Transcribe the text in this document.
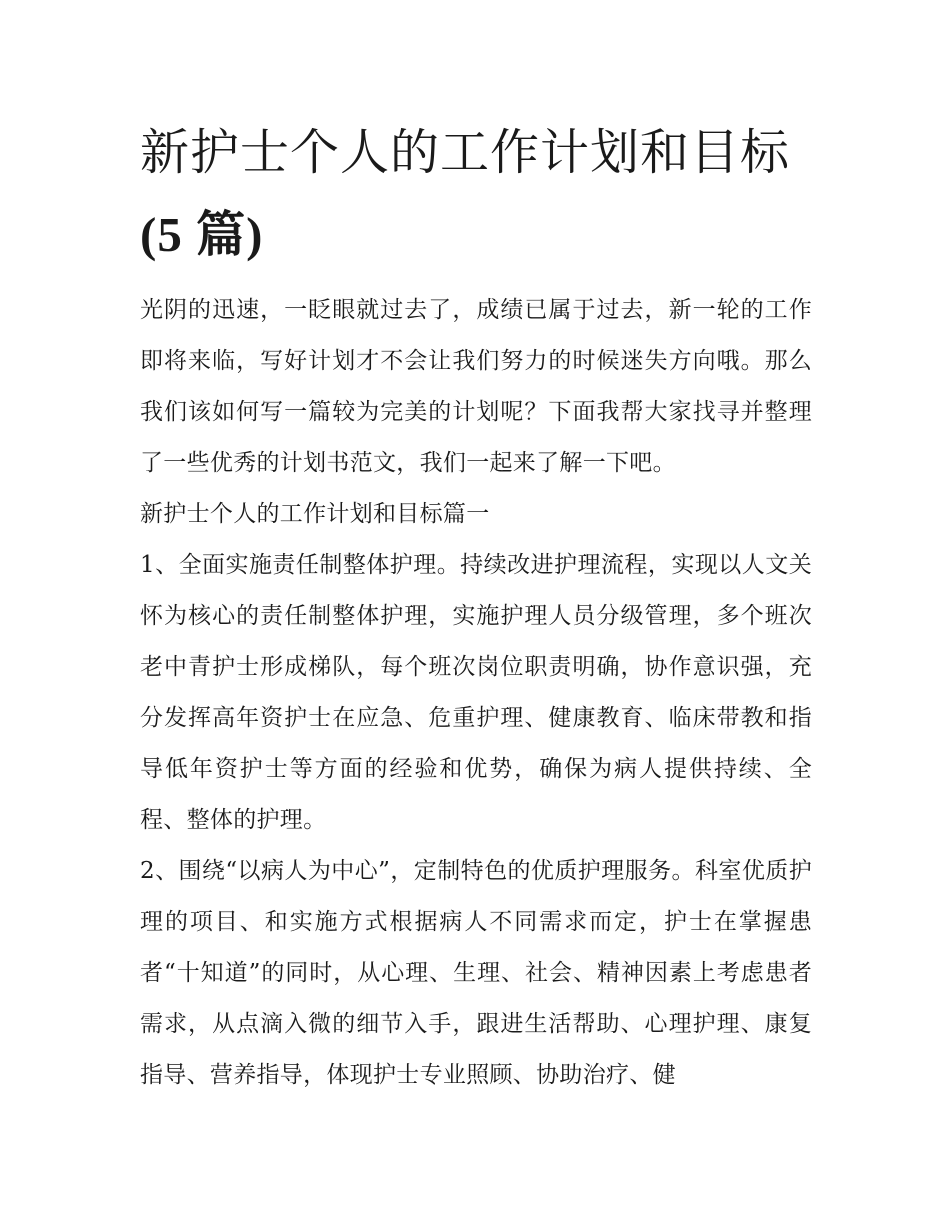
新护士个人的工作计划和目标
(5 篇)

光阴的迅速，一眨眼就过去了，成绩已属于过去，新一轮的工作即将来临，写好计划才不会让我们努力的时候迷失方向哦。那么我们该如何写一篇较为完美的计划呢？下面我帮大家找寻并整理了一些优秀的计划书范文，我们一起来了解一下吧。

新护士个人的工作计划和目标篇一

1、全面实施责任制整体护理。持续改进护理流程，实现以人文关怀为核心的责任制整体护理，实施护理人员分级管理，多个班次老中青护士形成梯队，每个班次岗位职责明确，协作意识强，充分发挥高年资护士在应急、危重护理、健康教育、临床带教和指导低年资护士等方面的经验和优势，确保为病人提供持续、全程、整体的护理。

2、围绕“以病人为中心”，定制特色的优质护理服务。科室优质护理的项目、和实施方式根据病人不同需求而定，护士在掌握患者“十知道”的同时，从心理、生理、社会、精神因素上考虑患者需求，从点滴入微的细节入手，跟进生活帮助、心理护理、康复指导、营养指导，体现护士专业照顾、协助治疗、健
